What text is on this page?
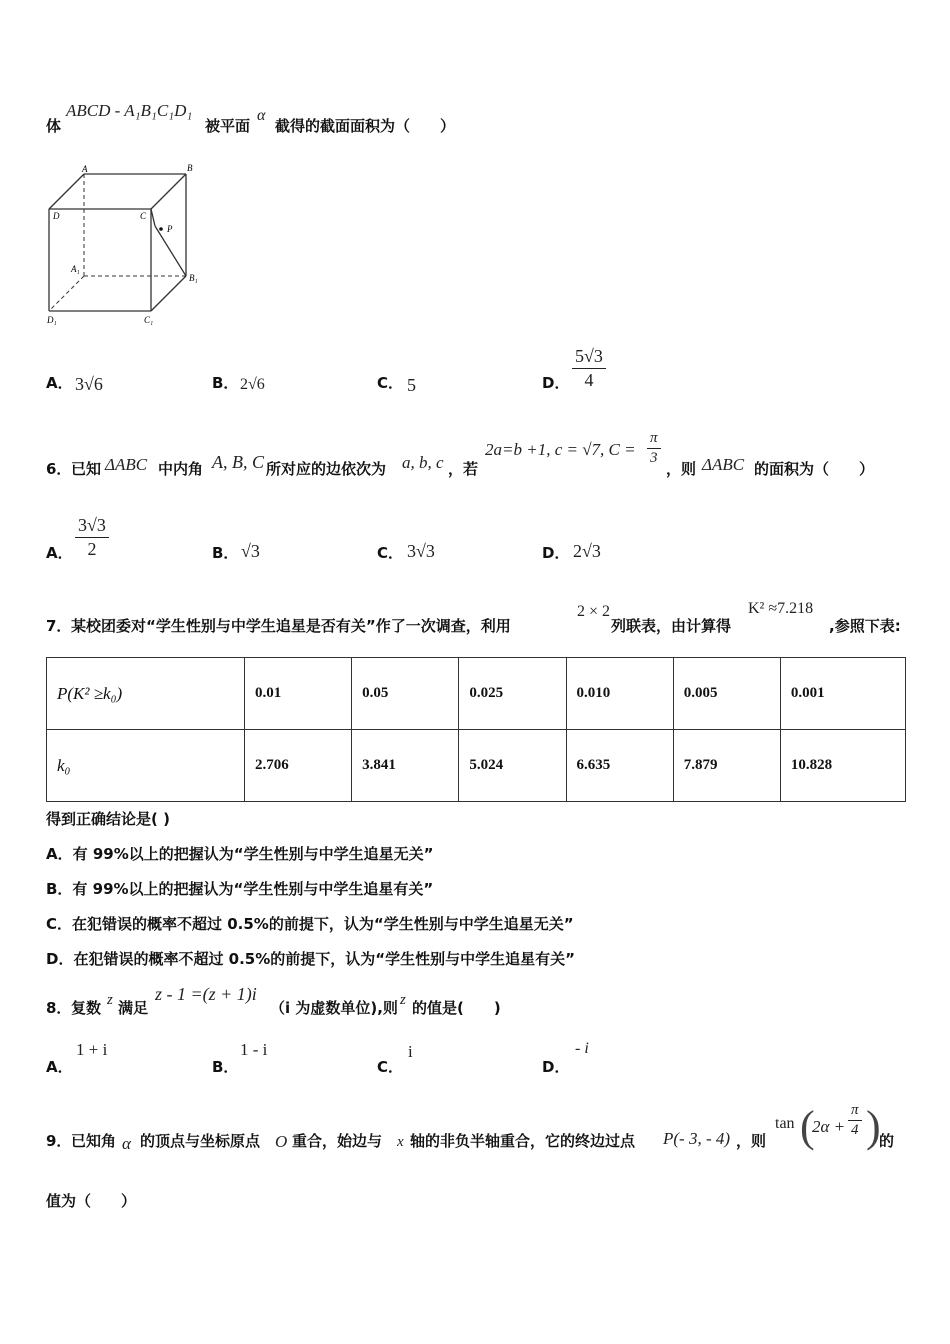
体
ABCD - A₁B₁C₁D₁
被平面
α
截得的截面面积为（　　）
A	B
D	C
P
A₁
B₁
D₁	C₁
A． 3√6	B． 2√6	C． 5	D． $\frac{5√3}{4}$
6． 已知 ΔABC 中内角 A, B, C 所对应的边依次为 a, b, c ，若
2a=b +1, c = √7, $C = \frac{\pi}{3}$
，则 ΔABC 的面积为（　　）
A． $\frac{3√3}{2}$	B． √3	C． 3√3	D． 2√3
7． 某校团委对“学生性别与中学生追星是否有关”作了一次调查，利用
2 × 2
列联表，由计算得
K² ≈7.218
,参照下表:
P(K² ≥k₀)	0.01	0.05	0.025	0.010	0.005	0.001
k₀	2.706	3.841	5.024	6.635	7.879	10.828
得到正确结论是( )
A．有 99%以上的把握认为“学生性别与中学生追星无关”
B．有 99%以上的把握认为“学生性别与中学生追星有关”
C．在犯错误的概率不超过 0.5%的前提下，认为“学生性别与中学生追星无关”
D．在犯错误的概率不超过 0.5%的前提下，认为“学生性别与中学生追星有关”
8． 复数 z 满足
z - 1 =(z + 1)i
（i 为虚数单位),则 z 的值是(　　)
A．
1 + i
B．
1 - i
C．
i
D．
- i
9． 已知角 α 的顶点与坐标原点 O 重合，始边与 x 轴的非负半轴重合，它的终边过点 P(- 3, - 4) ，则
tan (
$2\alpha + \frac{\pi}{4}$ )
的
值为（　　）
